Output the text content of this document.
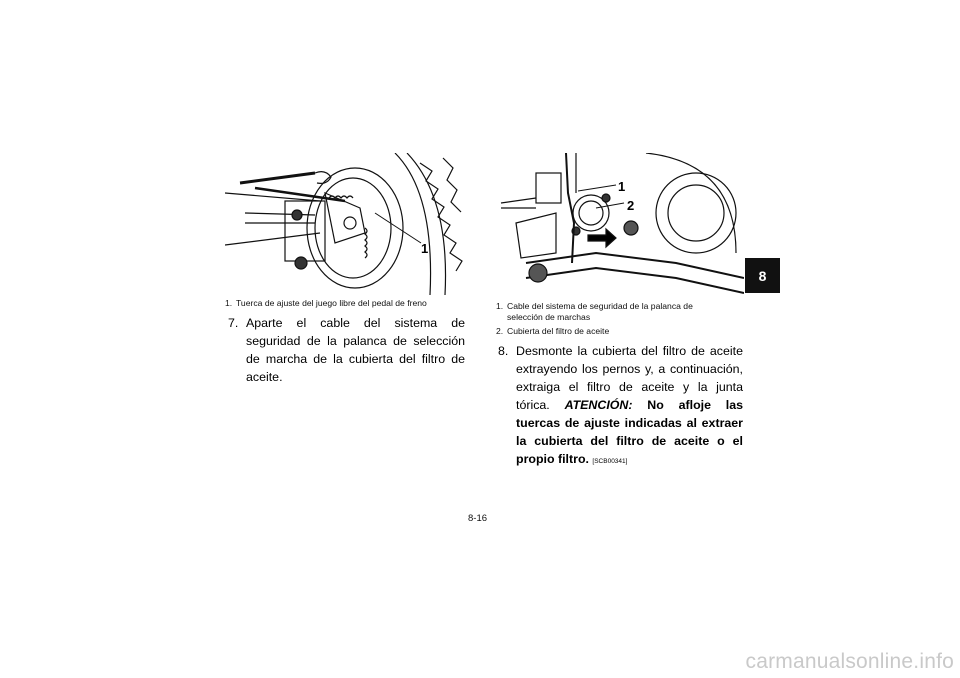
1
1. Tuerca de ajuste del juego libre del pedal de freno
7. Aparte el cable del sistema de seguridad de la palanca de selección de marcha de la cubierta del filtro de aceite.
1
2
1. Cable del sistema de seguridad de la palanca de
selección de marchas
2. Cubierta del filtro de aceite
8. Desmonte la cubierta del filtro de aceite extrayendo los pernos y, a continuación, extraiga el filtro de aceite y la junta tórica. ATENCIÓN: No afloje las tuercas de ajuste indicadas al extraer la cubierta del filtro de aceite o el propio filtro. [SCB00341]
8
8-16
carmanualsonline.info
